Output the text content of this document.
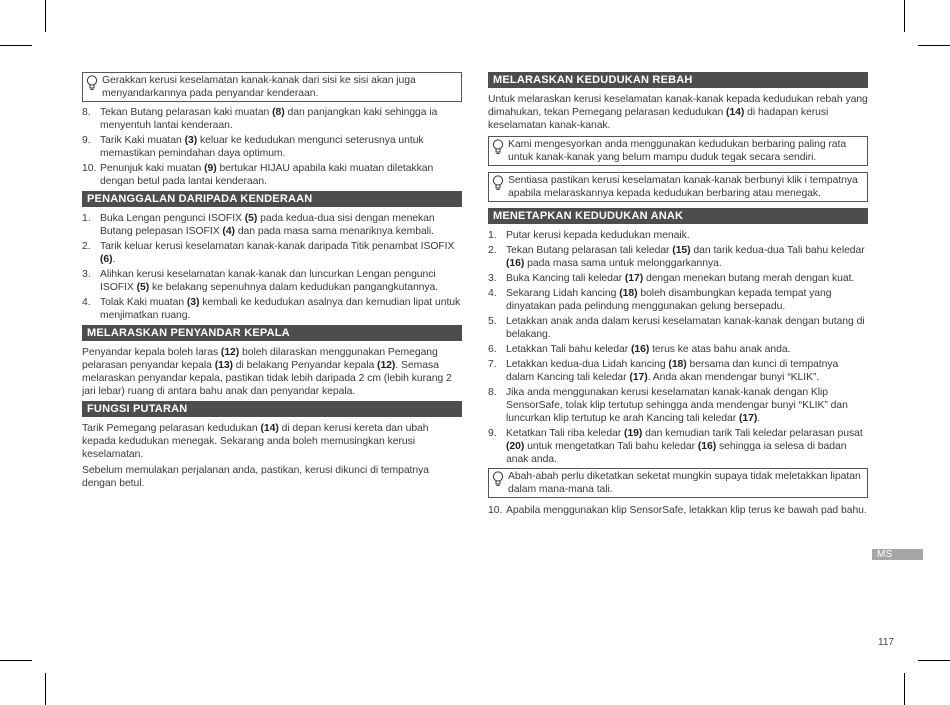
Gerakkan kerusi keselamatan kanak-kanak dari sisi ke sisi akan juga menyandarkannya pada penyandar kenderaan.
8. Tekan Butang pelarasan kaki muatan (8) dan panjangkan kaki sehingga ia menyentuh lantai kenderaan.
9. Tarik Kaki muatan (3) keluar ke kedudukan mengunci seterusnya untuk memastikan pemindahan daya optimum.
10. Penunjuk kaki muatan (9) bertukar HIJAU apabila kaki muatan diletakkan dengan betul pada lantai kenderaan.
PENANGGALAN DARIPADA KENDERAAN
1. Buka Lengan pengunci ISOFIX (5) pada kedua-dua sisi dengan menekan Butang pelepasan ISOFIX (4) dan pada masa sama menariknya kembali.
2. Tarik keluar kerusi keselamatan kanak-kanak daripada Titik penambat ISOFIX (6).
3. Alihkan kerusi keselamatan kanak-kanak dan luncurkan Lengan pengunci ISOFIX (5) ke belakang sepenuhnya dalam kedudukan pangangkutannya.
4. Tolak Kaki muatan (3) kembali ke kedudukan asalnya dan kemudian lipat untuk menjimatkan ruang.
MELARASKAN PENYANDAR KEPALA

Penyandar kepala boleh laras (12) boleh dilaraskan menggunakan Pemegang pelarasan penyandar kepala (13) di belakang Penyandar kepala (12). Semasa melaraskan penyandar kepala, pastikan tidak lebih daripada 2 cm (lebih kurang 2 jari lebar) ruang di antara bahu anak dan penyandar kepala.

FUNGSI PUTARAN

Tarik Pemegang pelarasan kedudukan (14) di depan kerusi kereta dan ubah kepada kedudukan menegak. Sekarang anda boleh memusingkan kerusi keselamatan.

Sebelum memulakan perjalanan anda, pastikan, kerusi dikunci di tempatnya dengan betul.

MELARASKAN KEDUDUKAN REBAH

Untuk melaraskan kerusi keselamatan kanak-kanak kepada kedudukan rebah yang dimahukan, tekan Pemegang pelarasan kedudukan (14) di hadapan kerusi keselamatan kanak-kanak.

Kami mengesyorkan anda menggunakan kedudukan berbaring paling rata untuk kanak-kanak yang belum mampu duduk tegak secara sendiri.
Sentiasa pastikan kerusi keselamatan kanak-kanak berbunyi klik i tempatnya apabila melaraskannya kepada kedudukan berbaring atau menegak.
MENETAPKAN KEDUDUKAN ANAK
1. Putar kerusi kepada kedudukan menaik.
2. Tekan Butang pelarasan tali keledar (15) dan tarik kedua-dua Tali bahu keledar (16) pada masa sama untuk melonggarkannya.
3. Buka Kancing tali keledar (17) dengan menekan butang merah dengan kuat.
4. Sekarang Lidah kancing (18) boleh disambungkan kepada tempat yang dinyatakan pada pelindung menggunakan gelung bersepadu.
5. Letakkan anak anda dalam kerusi keselamatan kanak-kanak dengan butang di belakang.
6. Letakkan Tali bahu keledar (16) terus ke atas bahu anak anda.
7. Letakkan kedua-dua Lidah kancing (18) bersama dan kunci di tempatnya dalam Kancing tali keledar (17). Anda akan mendengar bunyi “KLIK”.
8. Jika anda menggunakan kerusi keselamatan kanak-kanak dengan Klip SensorSafe, tolak klip tertutup sehingga anda mendengar bunyi “KLIK” dan luncurkan klip tertutup ke arah Kancing tali keledar (17).
9. Ketatkan Tali riba keledar (19) dan kemudian tarik Tali keledar pelarasan pusat (20) untuk mengetatkan Tali bahu keledar (16) sehingga ia selesa di badan anak anda.
Abah-abah perlu diketatkan seketat mungkin supaya tidak meletakkan lipatan dalam mana-mana tali.
10. Apabila menggunakan klip SensorSafe, letakkan klip terus ke bawah pad bahu.
MS
117
